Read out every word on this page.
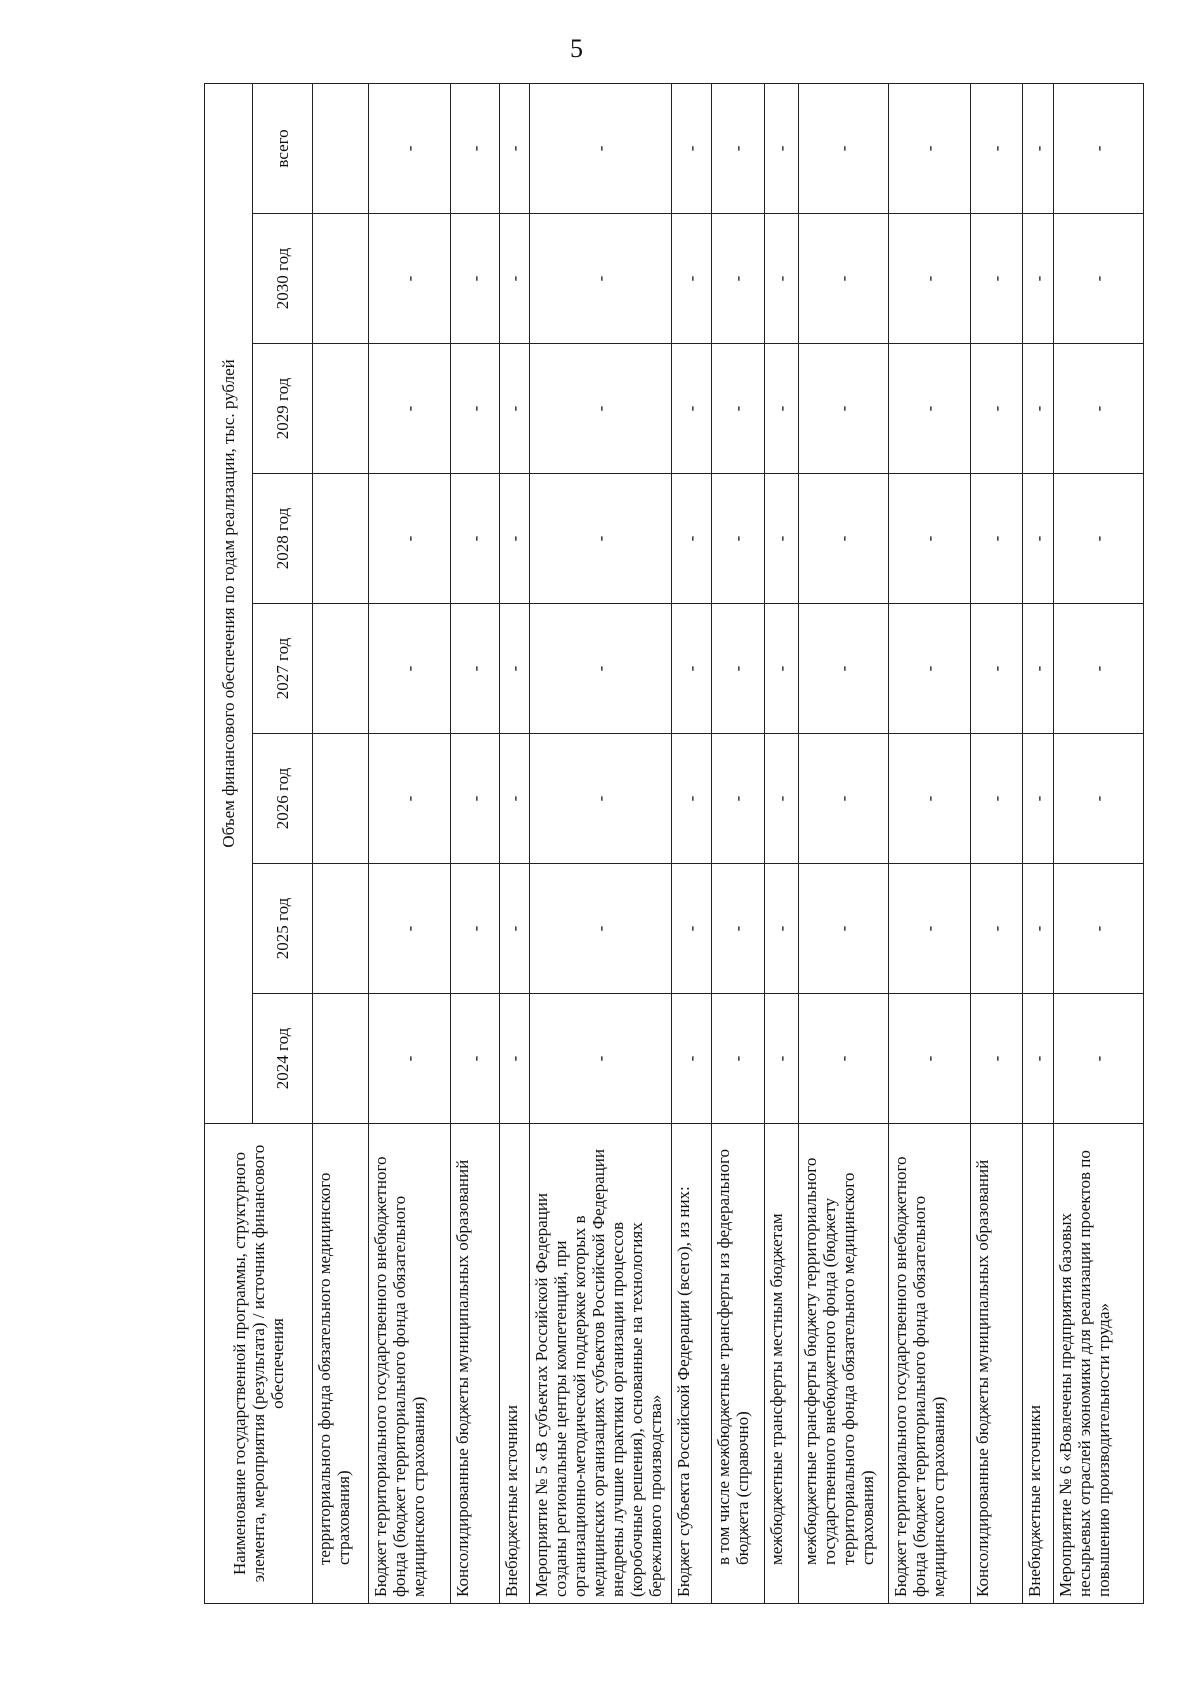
5
Наименование государственной программы, структурного элемента, мероприятия (результата) / источник финансового обеспечения	Объем финансового обеспечения по годам реализации, тыс. рублей							
	2024 год	2025 год	2026 год	2027 год	2028 год	2029 год	2030 год	всего
территориального фонда обязательного медицинского страхования)								
Бюджет территориального государственного внебюджетного фонда (бюджет территориального фонда обязательного медицинского страхования)	-	-	-	-	-	-	-	-
Консолидированные бюджеты муниципальных образований	-	-	-	-	-	-	-	-
Внебюджетные источники	-	-	-	-	-	-	-	-
Мероприятие № 5 «В субъектах Российской Федерации созданы региональные центры компетенций, при организационно-методической поддержке которых в медицинских организациях субъектов Российской Федерации внедрены лучшие практики организации процессов (коробочные решения), основанные на технологиях бережливого производства»	-	-	-	-	-	-	-	-
Бюджет субъекта Российской Федерации (всего), из них:	-	-	-	-	-	-	-	-
в том числе межбюджетные трансферты из федерального бюджета (справочно)	-	-	-	-	-	-	-	-
межбюджетные трансферты местным бюджетам	-	-	-	-	-	-	-	-
межбюджетные трансферты бюджету территориального государственного внебюджетного фонда (бюджету территориального фонда обязательного медицинского страхования)	-	-	-	-	-	-	-	-
Бюджет территориального государственного внебюджетного фонда (бюджет территориального фонда обязательного медицинского страхования)	-	-	-	-	-	-	-	-
Консолидированные бюджеты муниципальных образований	-	-	-	-	-	-	-	-
Внебюджетные источники	-	-	-	-	-	-	-	-
Мероприятие № 6 «Вовлечены предприятия базовых несырьевых отраслей экономики для реализации проектов по повышению производительности труда»	-	-	-	-	-	-	-	-
